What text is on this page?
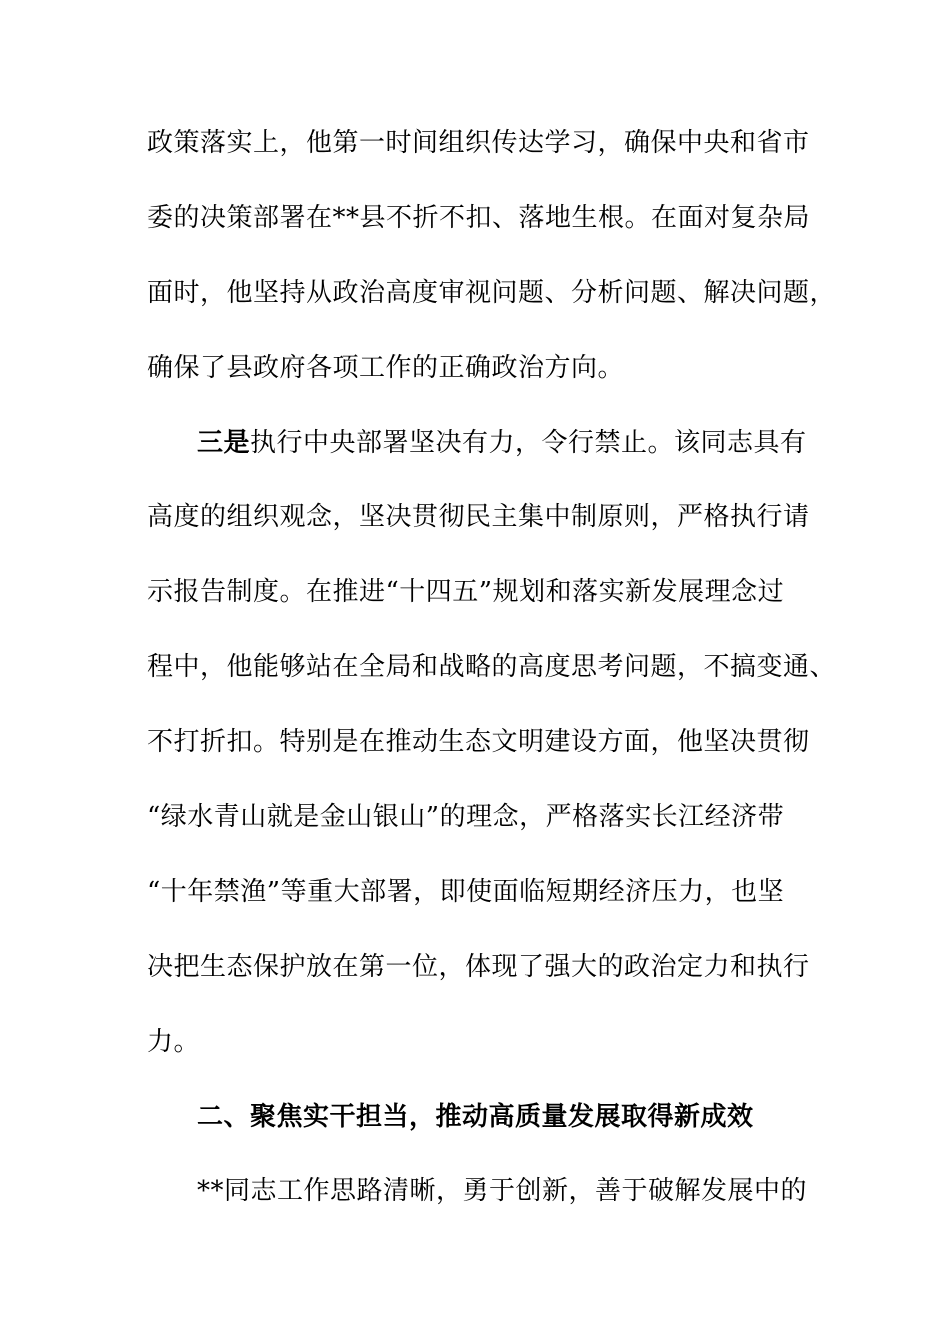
政策落实上，他第一时间组织传达学习，确保中央和省市
委的决策部署在**县不折不扣、落地生根。在面对复杂局
面时，他坚持从政治高度审视问题、分析问题、解决问题，
确保了县政府各项工作的正确政治方向。
三是执行中央部署坚决有力，令行禁止。该同志具有
高度的组织观念，坚决贯彻民主集中制原则，严格执行请
示报告制度。在推进“十四五”规划和落实新发展理念过
程中，他能够站在全局和战略的高度思考问题，不搞变通、
不打折扣。特别是在推动生态文明建设方面，他坚决贯彻
“绿水青山就是金山银山”的理念，严格落实长江经济带
“十年禁渔”等重大部署，即使面临短期经济压力，也坚
决把生态保护放在第一位，体现了强大的政治定力和执行
力。
二、聚焦实干担当，推动高质量发展取得新成效
**同志工作思路清晰，勇于创新，善于破解发展中的
